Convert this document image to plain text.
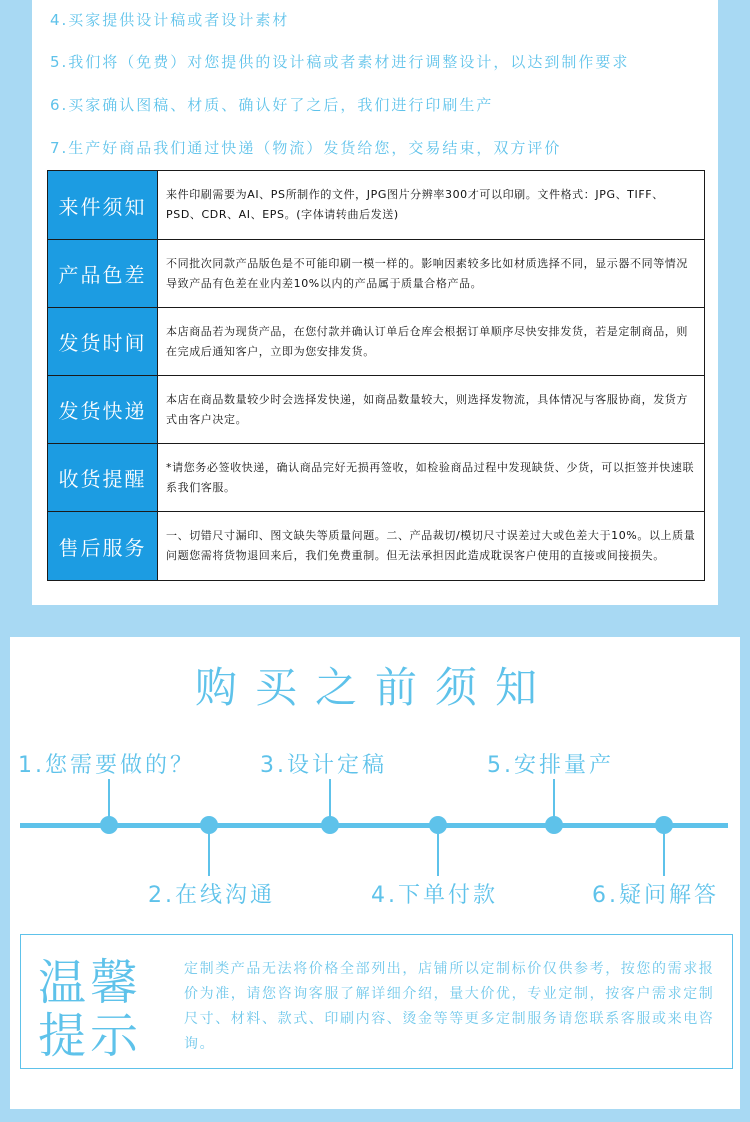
4.买家提供设计稿或者设计素材
5.我们将（免费）对您提供的设计稿或者素材进行调整设计，以达到制作要求
6.买家确认图稿、材质、确认好了之后，我们进行印刷生产
7.生产好商品我们通过快递（物流）发货给您，交易结束，双方评价
来件须知	来件印刷需要为AI、PS所制作的文件，JPG图片分辨率300才可以印刷。文件格式：JPG、TIFF、PSD、CDR、AI、EPS。(字体请转曲后发送)
产品色差	不同批次同款产品版色是不可能印刷一模一样的。影响因素较多比如材质选择不同，显示器不同等情况导致产品有色差在业内差10%以内的产品属于质量合格产品。
发货时间	本店商品若为现货产品，在您付款并确认订单后仓库会根据订单顺序尽快安排发货，若是定制商品，则在完成后通知客户，立即为您安排发货。
发货快递	本店在商品数量较少时会选择发快递，如商品数量较大，则选择发物流，具体情况与客服协商，发货方式由客户决定。
收货提醒	*请您务必签收快递，确认商品完好无损再签收，如检验商品过程中发现缺货、少货，可以拒签并快速联系我们客服。
售后服务	一、切错尺寸漏印、图文缺失等质量问题。二、产品裁切/模切尺寸误差过大或色差大于10%。以上质量问题您需将货物退回来后，我们免费重制。但无法承担因此造成耽误客户使用的直接或间接损失。
购买之前须知
1.您需要做的？	3.设计定稿	5.安排量产
2.在线沟通	4.下单付款	6.疑问解答
温馨
提示
定制类产品无法将价格全部列出，店铺所以定制标价仅供参考，按您的需求报价为准，请您咨询客服了解详细介绍，量大价优，专业定制，按客户需求定制尺寸、材料、款式、印刷内容、烫金等等更多定制服务请您联系客服或来电咨询。
